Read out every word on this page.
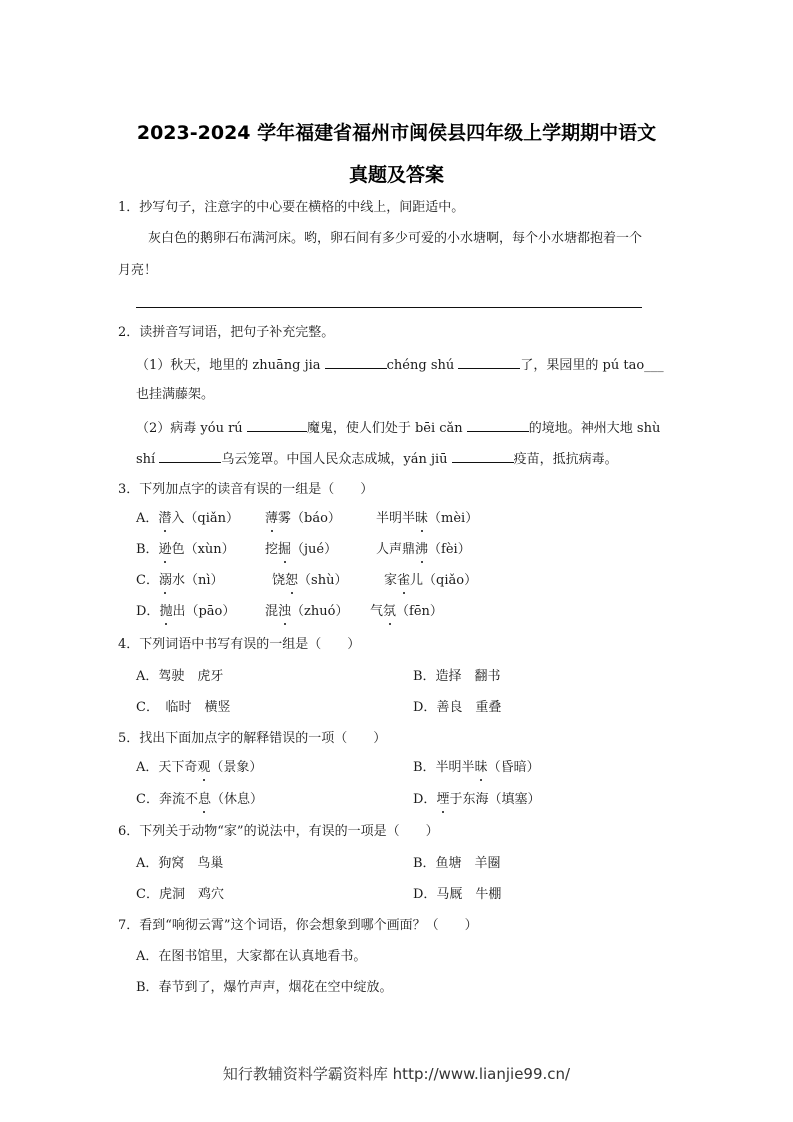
2023-2024 学年福建省福州市闽侯县四年级上学期期中语文
真题及答案
1．抄写句子，注意字的中心要在横格的中线上，间距适中。
灰白色的鹅卵石布满河床。哟，卵石间有多少可爱的小水塘啊，每个小水塘都抱着一个
月亮！
2．读拼音写词语，把句子补充完整。
（1）秋天，地里的 zhuāng jia	chéng shú	了，果园里的 pú tao___
也挂满藤架。
（2）病毒 yóu rú	魔鬼，使人们处于 bēi cǎn	的境地。神州大地 shù
shí	乌云笼罩。中国人民众志成城，yán jiū	疫苗，抵抗病毒。
3．下列加点字的读音有误的一组是（　　）
A．潜入（qiǎn） 薄雾（báo）	半明半昧（mèi）
B．逊色（xùn） 挖掘（jué）	人声鼎沸（fèi）
C．溺水（nì）	饶恕（shù）	家雀儿（qiǎo）
D．抛出（pāo） 混浊（zhuó） 气氛（fēn）
4．下列词语中书写有误的一组是（　　）
A．驾驶　虎牙	B．造择　翻书
C．　临时　横竖	D．善良　重叠
5．找出下面加点字的解释错误的一项（　　）
A．天下奇观（景象）	B．半明半昧（昏暗）
C．奔流不息（休息）	D．堙于东海（填塞）
6．下列关于动物“家”的说法中，有误的一项是（　　）
A．狗窝　鸟巢	B．鱼塘　羊圈
C．虎洞　鸡穴	D．马厩　牛棚
7．看到“响彻云霄”这个词语，你会想象到哪个画面？（　　）
A．在图书馆里，大家都在认真地看书。
B．春节到了，爆竹声声，烟花在空中绽放。
知行教辅资料学霸资料库 http://www.lianjie99.cn/
